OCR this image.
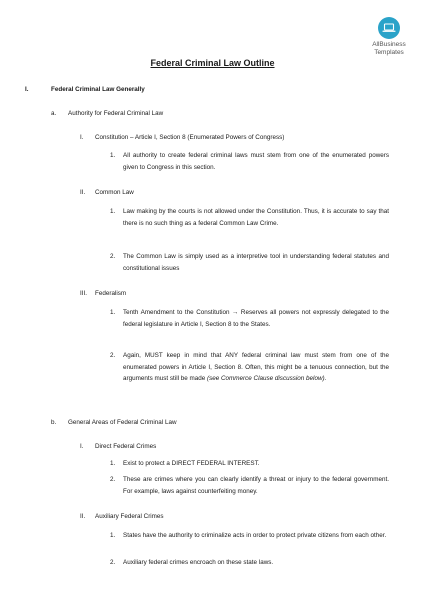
AllBusiness
Templates
Federal Criminal Law Outline
I.	Federal Criminal Law Generally
a. Authority for Federal Criminal Law
I. Constitution – Article I, Section 8 (Enumerated Powers of Congress)
1. All authority to create federal criminal laws must stem from one of the enumerated powers given to Congress in this section.
II. Common Law
1. Law making by the courts is not allowed under the Constitution. Thus, it is accurate to say that there is no such thing as a federal Common Law Crime.
2. The Common Law is simply used as a interpretive tool in understanding federal statutes and constitutional issues
III. Federalism
1. Tenth Amendment to the Constitution → Reserves all powers not expressly delegated to the federal legislature in Article I, Section 8 to the States.
2. Again, MUST keep in mind that ANY federal criminal law must stem from one of the enumerated powers in Article I, Section 8. Often, this might be a tenuous connection, but the arguments must still be made (see Commerce Clause discussion below).
b. General Areas of Federal Criminal Law
I. Direct Federal Crimes
1. Exist to protect a DIRECT FEDERAL INTEREST.
2. These are crimes where you can clearly identify a threat or injury to the federal government. For example, laws against counterfeiting money.
II. Auxiliary Federal Crimes
1. States have the authority to criminalize acts in order to protect private citizens from each other.
2. Auxiliary federal crimes encroach on these state laws.
